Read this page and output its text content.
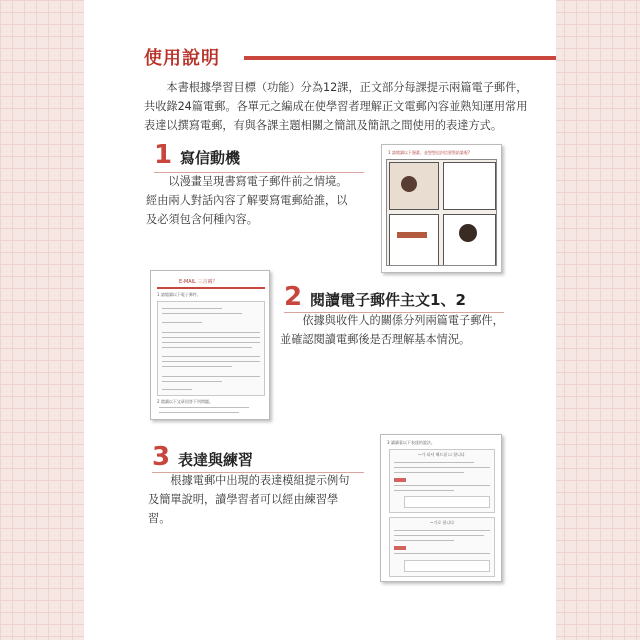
使用說明

本書根據學習目標（功能）分為12課，正文部分每課提示兩篇電子郵件，共收錄24篇電郵。各單元之編成在使學習者理解正文電郵內容並熟知運用常用表達以撰寫電郵，有與各課主題相關之簡訊及簡訊之間使用的表達方式。

1 寫信動機

以漫畫呈現書寫電子郵件前之情境。經由兩人對話內容了解要寫電郵給誰，以及必須包含何種內容。

1 請閱讀以下漫畫，並想想這封信要寫給誰呢?
E-MAIL 三言兩？
1 請閱讀以下電子郵件。
2 閱讀以下文章回答下列問題。
2 閱讀電子郵件主文1、2

依據與收件人的關係分列兩篇電子郵件，並確認閱讀電郵後是否理解基本情況。

3 表達與練習

根據電郵中出現的表達模組提示例句及簡單說明，讀學習者可以經由練習學習。

3 讀讀看以下表達的說法。
~가 되셔 해드릴 ☐ 합니다
~기로 합니다
